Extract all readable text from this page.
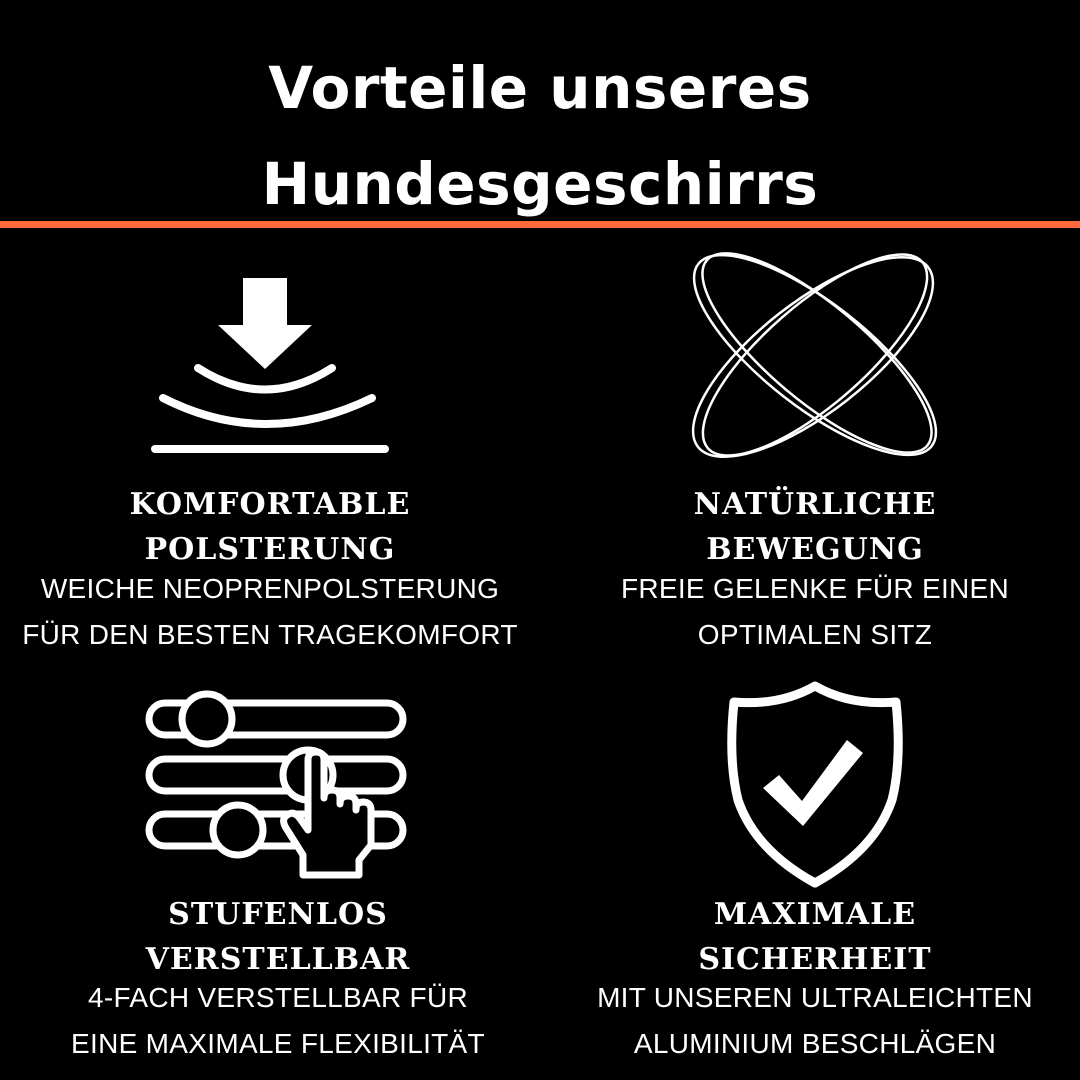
Vorteile unseres
Hundesgeschirrs
KOMFORTABLE
POLSTERUNG
WEICHE NEOPRENPOLSTERUNG
FÜR DEN BESTEN TRAGEKOMFORT
NATÜRLICHE
BEWEGUNG
FREIE GELENKE FÜR EINEN
OPTIMALEN SITZ
STUFENLOS
VERSTELLBAR
4-FACH VERSTELLBAR FÜR
EINE MAXIMALE FLEXIBILITÄT
MAXIMALE
SICHERHEIT
MIT UNSEREN ULTRALEICHTEN
ALUMINIUM BESCHLÄGEN
